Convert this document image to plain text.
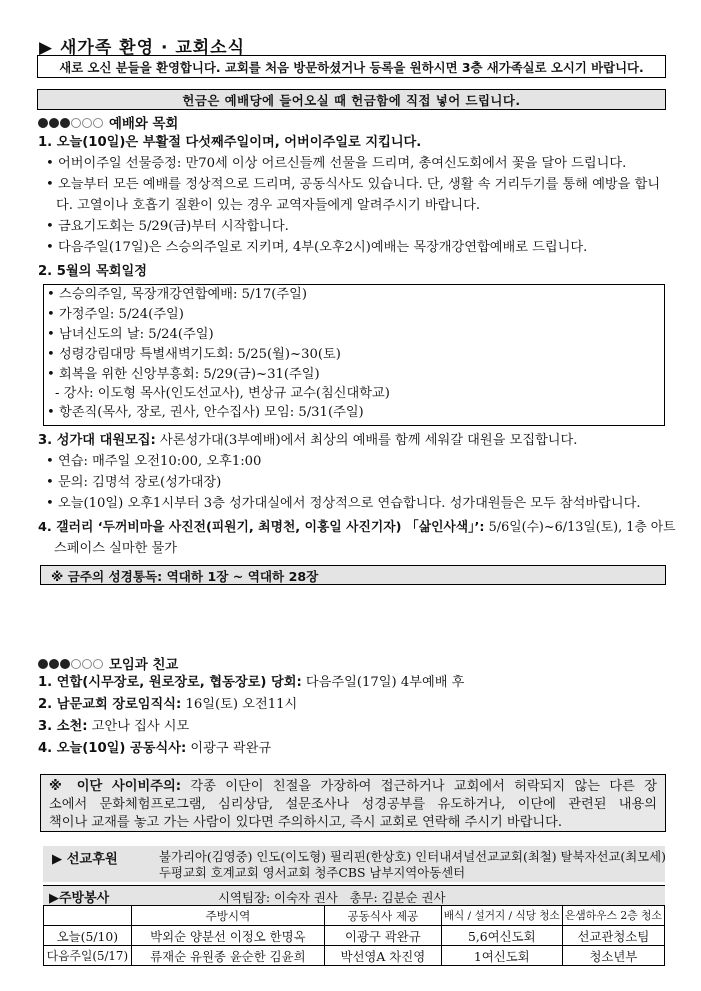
▶ 새가족 환영 · 교회소식
새로 오신 분들을 환영합니다. 교회를 처음 방문하셨거나 등록을 원하시면 3층 새가족실로 오시기 바랍니다.
헌금은 예배당에 들어오실 때 헌금함에 직접 넣어 드립니다.
예배와 목회
1. 오늘(10일)은 부활절 다섯째주일이며, 어버이주일로 지킵니다.
• 어버이주일 선물증정: 만70세 이상 어르신들께 선물을 드리며, 총여신도회에서 꽃을 달아 드립니다.
• 오늘부터 모든 예배를 정상적으로 드리며, 공동식사도 있습니다. 단, 생활 속 거리두기를 통해 예방을 합니
다. 고열이나 호흡기 질환이 있는 경우 교역자들에게 알려주시기 바랍니다.
• 금요기도회는 5/29(금)부터 시작합니다.
• 다음주일(17일)은 스승의주일로 지키며, 4부(오후2시)예배는 목장개강연합예배로 드립니다.
2. 5월의 목회일정
• 스승의주일, 목장개강연합예배: 5/17(주일)
• 가정주일: 5/24(주일)
• 남녀신도의 날: 5/24(주일)
• 성령강림대망 특별새벽기도회: 5/25(월)~30(토)
• 회복을 위한 신앙부흥회: 5/29(금)~31(주일)
- 강사: 이도형 목사(인도선교사), 변상규 교수(침신대학교)
• 항존직(목사, 장로, 권사, 안수집사) 모임: 5/31(주일)
3. 성가대 대원모집: 사론성가대(3부예배)에서 최상의 예배를 함께 세워갈 대원을 모집합니다.
• 연습: 매주일 오전10:00, 오후1:00
• 문의: 김명석 장로(성가대장)
• 오늘(10일) 오후1시부터 3층 성가대실에서 정상적으로 연습합니다. 성가대원들은 모두 참석바랍니다.
4. 갤러리 ‘두꺼비마을 사진전(피원기, 최명천, 이홍일 사진기자) 「삶인사색」’: 5/6일(수)~6/13일(토), 1층 아트
스페이스 실마한 물가
※ 금주의 성경통독: 역대하 1장 ~ 역대하 28장
모임과 친교
1. 연합(시무장로, 원로장로, 협동장로) 당회: 다음주일(17일) 4부예배 후
2. 남문교회 장로임직식: 16일(토) 오전11시
3. 소천: 고안나 집사 시모
4. 오늘(10일) 공동식사: 이광구 곽완규
※ 이단 사이비주의: 각종 이단이 친절을 가장하여 접근하거나 교회에서 허락되지 않는 다른 장
소에서 문화체험프로그램, 심리상담, 설문조사나 성경공부를 유도하거나, 이단에 관련된 내용의
책이나 교재를 놓고 가는 사람이 있다면 주의하시고, 즉시 교회로 연락해 주시기 바랍니다.
▶ 선교후원	불가리아(김영중) 인도(이도형) 필리핀(한상호) 인터내셔널선교교회(최철) 탈북자선교(최모세)
두평교회 호계교회 영서교회 청주CBS 남부지역아동센터
▶주방봉사	시역팀장: 이숙자 권사   총무: 김분순 권사
	주방시역	공동식사 제공	배식 / 설거지 / 식당 청소	은샘하우스 2층 청소
오늘(5/10)	박외순 양분선 이정오 한명옥	이광구 곽완규	5,6여신도회	선교관청소팀
다음주일(5/17)	류재순 유원종 윤순한 김윤희	박선영A 차진영	1여신도회	청소년부
